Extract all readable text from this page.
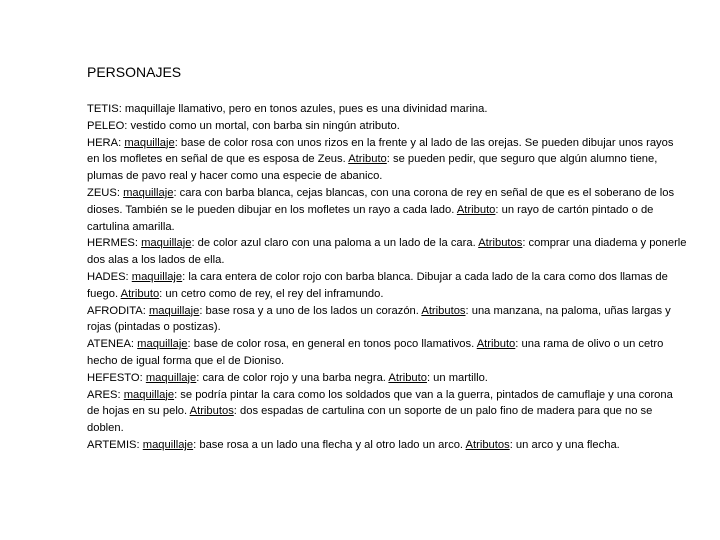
PERSONAJES

TETIS: maquillaje llamativo, pero en tonos azules, pues es una divinidad marina.

PELEO: vestido como un mortal, con barba sin ningún atributo.

HERA: maquillaje: base de color rosa con unos rizos en la frente y al lado de las orejas. Se pueden dibujar unos rayos en los mofletes en señal de que es esposa de Zeus. Atributo: se pueden pedir, que seguro que algún alumno tiene, plumas de pavo real y hacer como una especie de abanico.

ZEUS: maquillaje: cara con barba blanca, cejas blancas, con una corona de rey en señal de que es el soberano de los dioses. También se le pueden dibujar en los mofletes un rayo a cada lado. Atributo: un rayo de cartón pintado o de cartulina amarilla.

HERMES: maquillaje: de color azul claro con una paloma a un lado de la cara. Atributos: comprar una diadema y ponerle dos alas a los lados de ella.

HADES: maquillaje: la cara entera de color rojo con barba blanca. Dibujar a cada lado de la cara como dos llamas de fuego. Atributo: un cetro como de rey, el rey del inframundo.

AFRODITA: maquillaje: base rosa y a uno de los lados un corazón. Atributos: una manzana, na paloma, uñas largas y rojas (pintadas o postizas).

ATENEA: maquillaje: base de color rosa, en general en tonos poco llamativos. Atributo: una rama de olivo o un cetro hecho de igual forma que el de Dioniso.

HEFESTO: maquillaje: cara de color rojo y una barba negra. Atributo: un martillo.

ARES: maquillaje: se podría pintar la cara como los soldados que van a la guerra, pintados de camuflaje y una corona de hojas en su pelo. Atributos: dos espadas de cartulina con un soporte de un palo fino de madera para que no se doblen.

ARTEMIS: maquillaje: base rosa a un lado una flecha y al otro lado un arco. Atributos: un arco y una flecha.
